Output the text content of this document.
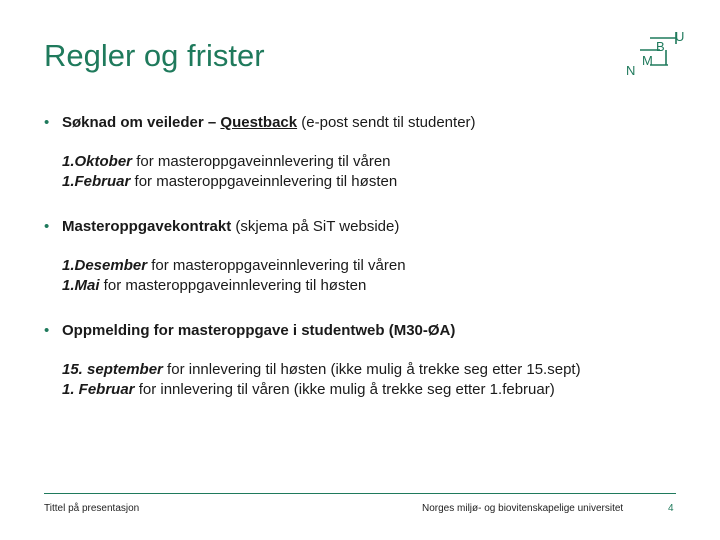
Regler og frister
U
B
N
M
• Søknad om veileder – Questback (e-post sendt til studenter)
1.Oktober for masteroppgaveinnlevering til våren
1.Februar for masteroppgaveinnlevering til høsten
• Masteroppgavekontrakt (skjema på SiT webside)
1.Desember for masteroppgaveinnlevering til våren
1.Mai for masteroppgaveinnlevering til høsten
• Oppmelding for masteroppgave i studentweb (M30-ØA)
15. september for innlevering til høsten (ikke mulig å trekke seg etter 15.sept)
1. Februar for innlevering til våren (ikke mulig å trekke seg etter 1.februar)
Tittel på presentasjon	Norges miljø- og biovitenskapelige universitet	4
